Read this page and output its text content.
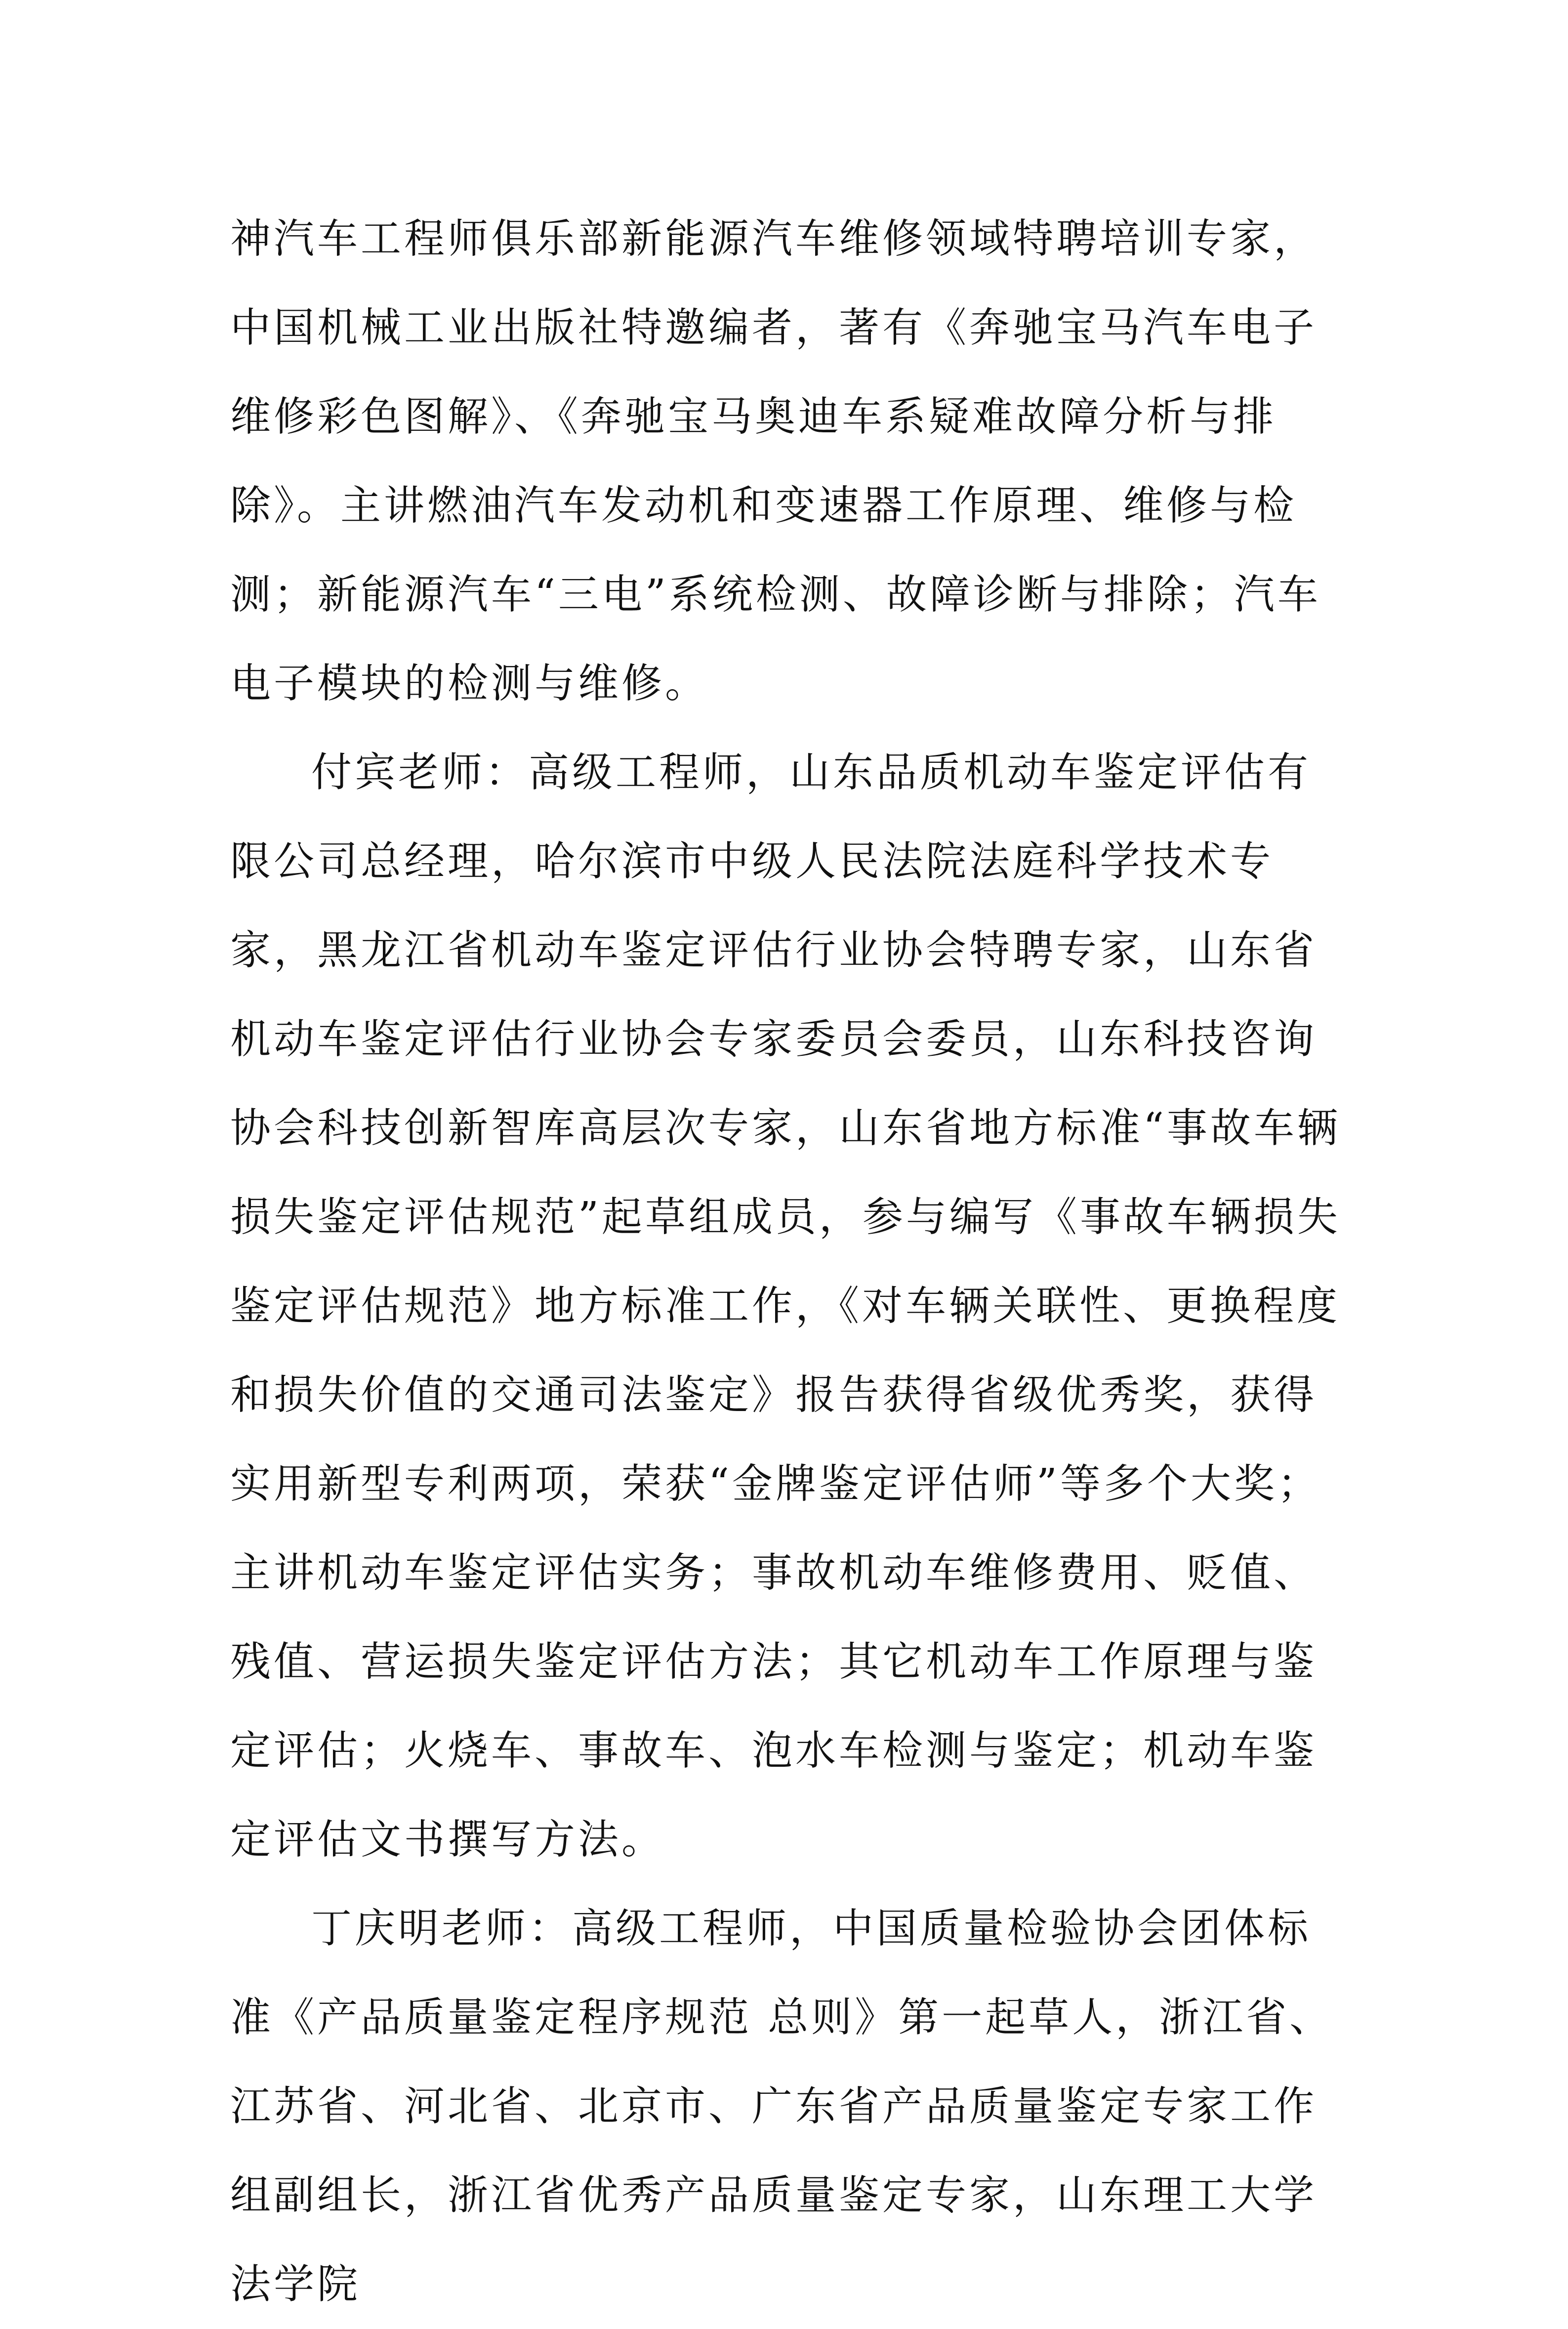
神汽车工程师俱乐部新能源汽车维修领域特聘培训专家，中国机械工业出版社特邀编者，著有《奔驰宝马汽车电子维修彩色图解》、《奔驰宝马奥迪车系疑难故障分析与排除》。主讲燃油汽车发动机和变速器工作原理、维修与检测；新能源汽车“三电”系统检测、故障诊断与排除；汽车电子模块的检测与维修。

付宾老师：高级工程师，山东品质机动车鉴定评估有限公司总经理，哈尔滨市中级人民法院法庭科学技术专家，黑龙江省机动车鉴定评估行业协会特聘专家，山东省机动车鉴定评估行业协会专家委员会委员，山东科技咨询协会科技创新智库高层次专家，山东省地方标准“事故车辆损失鉴定评估规范”起草组成员，参与编写《事故车辆损失鉴定评估规范》地方标准工作，《对车辆关联性、更换程度和损失价值的交通司法鉴定》报告获得省级优秀奖，获得实用新型专利两项，荣获“金牌鉴定评估师”等多个大奖；主讲机动车鉴定评估实务；事故机动车维修费用、贬值、残值、营运损失鉴定评估方法；其它机动车工作原理与鉴定评估；火烧车、事故车、泡水车检测与鉴定；机动车鉴定评估文书撰写方法。

丁庆明老师：高级工程师，中国质量检验协会团体标准《产品质量鉴定程序规范 总则》第一起草人，浙江省、江苏省、河北省、北京市、广东省产品质量鉴定专家工作组副组长，浙江省优秀产品质量鉴定专家，山东理工大学法学院
